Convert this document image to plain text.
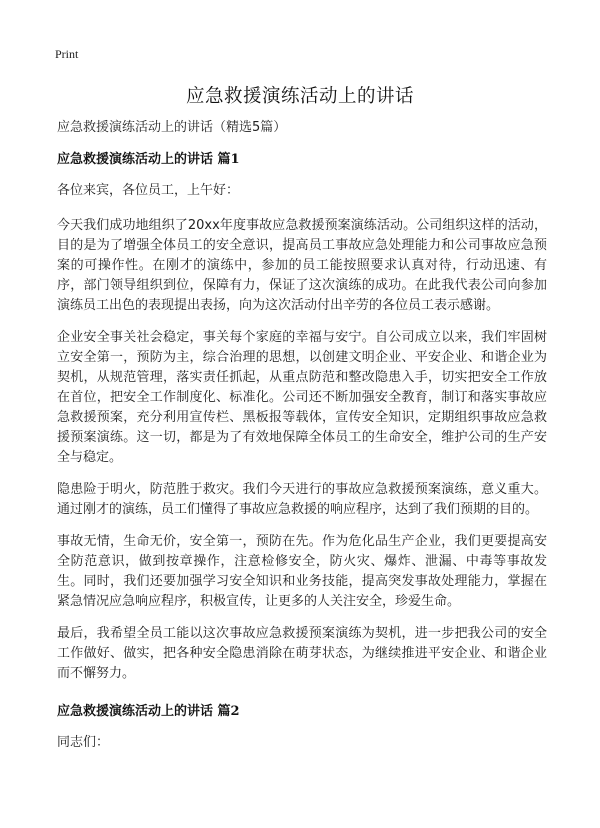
Print
应急救援演练活动上的讲话

应急救援演练活动上的讲话（精选5篇）

应急救援演练活动上的讲话 篇1

各位来宾，各位员工，上午好：

今天我们成功地组织了20xx年度事故应急救援预案演练活动。公司组织这样的活动，目的是为了增强全体员工的安全意识，提高员工事故应急处理能力和公司事故应急预案的可操作性。在刚才的演练中，参加的员工能按照要求认真对待，行动迅速、有序，部门领导组织到位，保障有力，保证了这次演练的成功。在此我代表公司向参加演练员工出色的表现提出表扬，向为这次活动付出辛劳的各位员工表示感谢。

企业安全事关社会稳定，事关每个家庭的幸福与安宁。自公司成立以来，我们牢固树立安全第一，预防为主，综合治理的思想，以创建文明企业、平安企业、和谐企业为契机，从规范管理，落实责任抓起，从重点防范和整改隐患入手，切实把安全工作放在首位，把安全工作制度化、标准化。公司还不断加强安全教育，制订和落实事故应急救援预案，充分利用宣传栏、黑板报等载体，宣传安全知识，定期组织事故应急救援预案演练。这一切，都是为了有效地保障全体员工的生命安全，维护公司的生产安全与稳定。

隐患险于明火，防范胜于救灾。我们今天进行的事故应急救援预案演练，意义重大。通过刚才的演练，员工们懂得了事故应急救援的响应程序，达到了我们预期的目的。

事故无情，生命无价，安全第一，预防在先。作为危化品生产企业，我们更要提高安全防范意识，做到按章操作，注意检修安全，防火灾、爆炸、泄漏、中毒等事故发生。同时，我们还要加强学习安全知识和业务技能，提高突发事故处理能力，掌握在紧急情况应急响应程序，积极宣传，让更多的人关注安全，珍爱生命。

最后，我希望全员工能以这次事故应急救援预案演练为契机，进一步把我公司的安全工作做好、做实，把各种安全隐患消除在萌芽状态，为继续推进平安企业、和谐企业而不懈努力。

应急救援演练活动上的讲话 篇2

同志们：
